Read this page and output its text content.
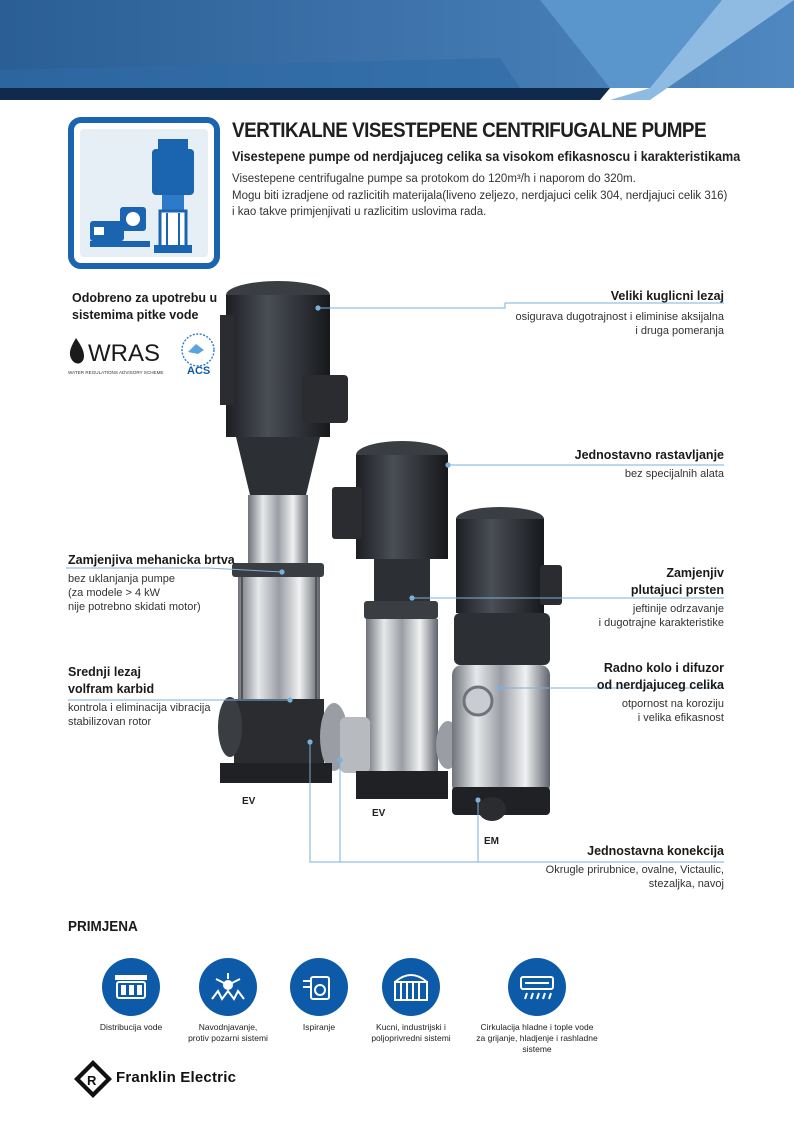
VERTIKALNE VISESTEPENE CENTRIFUGALNE PUMPE
Visestepene pumpe od nerdjajuceg celika sa visokom efikasnoscu i karakteristikama
Visestepene centrifugalne pumpe sa protokom do 120m³/h i naporom do 320m.
Mogu biti izradjene od razlicitih materijala(liveno zeljezo, nerdjajuci celik 304, nerdjajuci celik 316)
i kao takve primjenjivati u razlicitim uslovima rada.
Odobreno za upotrebu u
sistemima pitke vode
WRAS
WATER REGULATIONS ADVISORY SCHEME ACS
Veliki kuglicni lezaj
osigurava dugotrajnost i eliminise aksijalna
i druga pomeranja
Jednostavno rastavljanje
bez specijalnih alata
Zamjenjiva mehanicka brtva
bez uklanjanja pumpe
(za modele > 4 kW
nije potrebno skidati motor)
Zamjenjiv
plutajuci prsten
jeftinije odrzavanje
i dugotrajne karakteristike
Srednji lezaj
volfram karbid
kontrola i eliminacija vibracija
stabilizovan rotor
Radno kolo i difuzor
od nerdjajuceg celika
otpornost na koroziju
i velika efikasnost
Jednostavna konekcija
Okrugle prirubnice, ovalne, Victaulic,
stezaljka, navoj
EV
EV
EM
PRIMJENA
Distribucija vode	Navodnjavanje,
protiv pozarni sistemi
Ispiranje	Kucni, industrijski i
poljoprivredni sistemi
Cirkulacija hladne i tople vode
za grijanje, hladjenje i rashladne sisteme
R Franklin Electric
